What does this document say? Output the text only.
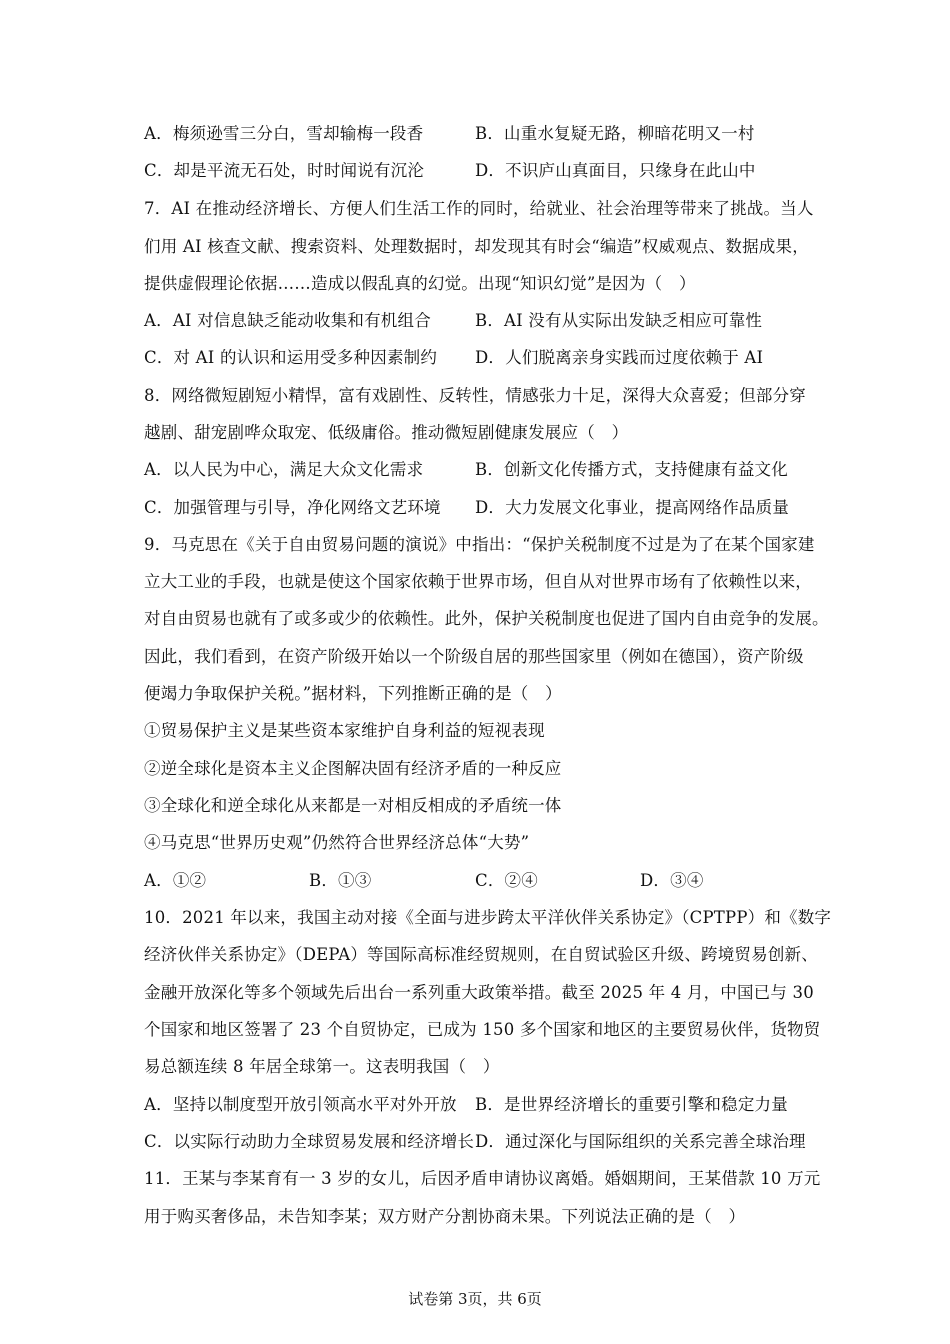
A．梅须逊雪三分白，雪却输梅一段香	B．山重水复疑无路，柳暗花明又一村
C．却是平流无石处，时时闻说有沉沦	D．不识庐山真面目，只缘身在此山中
7．AI 在推动经济增长、方便人们生活工作的同时，给就业、社会治理等带来了挑战。当人
们用 AI 核查文献、搜索资料、处理数据时，却发现其有时会“编造”权威观点、数据成果，
提供虚假理论依据……造成以假乱真的幻觉。出现“知识幻觉”是因为（　）
A．AI 对信息缺乏能动收集和有机组合	B．AI 没有从实际出发缺乏相应可靠性
C．对 AI 的认识和运用受多种因素制约 D．人们脱离亲身实践而过度依赖于 AI
8．网络微短剧短小精悍，富有戏剧性、反转性，情感张力十足，深得大众喜爱；但部分穿
越剧、甜宠剧哗众取宠、低级庸俗。推动微短剧健康发展应（　）
A．以人民为中心，满足大众文化需求	B．创新文化传播方式，支持健康有益文化
C．加强管理与引导，净化网络文艺环境 D．大力发展文化事业，提高网络作品质量
9．马克思在《关于自由贸易问题的演说》中指出：“保护关税制度不过是为了在某个国家建
立大工业的手段，也就是使这个国家依赖于世界市场，但自从对世界市场有了依赖性以来，
对自由贸易也就有了或多或少的依赖性。此外，保护关税制度也促进了国内自由竞争的发展。
因此，我们看到，在资产阶级开始以一个阶级自居的那些国家里（例如在德国），资产阶级
便竭力争取保护关税。”据材料，下列推断正确的是（　）
①贸易保护主义是某些资本家维护自身利益的短视表现
②逆全球化是资本主义企图解决固有经济矛盾的一种反应
③全球化和逆全球化从来都是一对相反相成的矛盾统一体
④马克思“世界历史观”仍然符合世界经济总体“大势”
A．①②	B．①③	C．②④	D．③④
10．2021 年以来，我国主动对接《全面与进步跨太平洋伙伴关系协定》（CPTPP）和《数字
经济伙伴关系协定》（DEPA）等国际高标准经贸规则，在自贸试验区升级、跨境贸易创新、
金融开放深化等多个领域先后出台一系列重大政策举措。截至 2025 年 4 月，中国已与 30
个国家和地区签署了 23 个自贸协定，已成为 150 多个国家和地区的主要贸易伙伴，货物贸
易总额连续 8 年居全球第一。这表明我国（　）
A．坚持以制度型开放引领高水平对外开放 B．是世界经济增长的重要引擎和稳定力量
C．以实际行动助力全球贸易发展和经济增长 D．通过深化与国际组织的关系完善全球治理
11．王某与李某育有一 3 岁的女儿，后因矛盾申请协议离婚。婚姻期间，王某借款 10 万元
用于购买奢侈品，未告知李某；双方财产分割协商未果。下列说法正确的是（　）
试卷第 3页，共 6页
